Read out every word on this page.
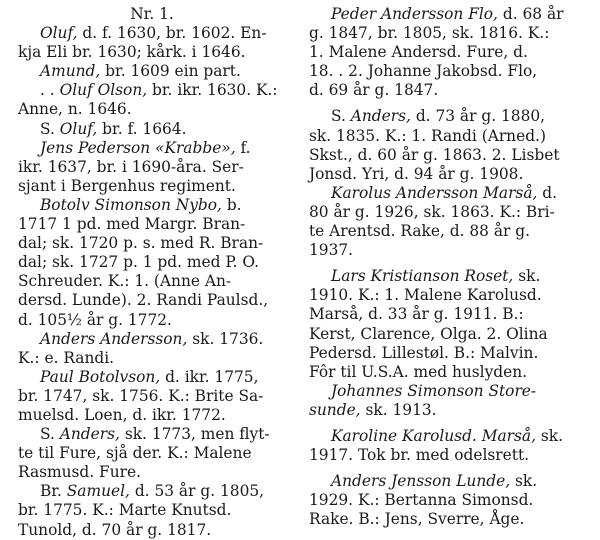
Nr. 1.

Oluf, d. f. 1630, br. 1602. En-
kja Eli br. 1630; kårk. i 1646.

Amund, br. 1609 ein part.

. . Oluf Olson, br. ikr. 1630. K.:
Anne, n. 1646.

S. Oluf, br. f. 1664.

Jens Pederson «Krabbe», f.
ikr. 1637, br. i 1690-åra. Ser-
sjant i Bergenhus regiment.

Botolv Simonson Nybo, b.
1717 1 pd. med Margr. Bran-
dal; sk. 1720 p. s. med R. Bran-
dal; sk. 1727 p. 1 pd. med P. O.
Schreuder. K.: 1. (Anne An-
dersd. Lunde). 2. Randi Paulsd.,
d. 105½ år g. 1772.

Anders Andersson, sk. 1736.
K.: e. Randi.

Paul Botolvson, d. ikr. 1775,
br. 1747, sk. 1756. K.: Brite Sa-
muelsd. Loen, d. ikr. 1772.

S. Anders, sk. 1773, men flyt-
te til Fure, sjå der. K.: Malene
Rasmusd. Fure.

Br. Samuel, d. 53 år g. 1805,
br. 1775. K.: Marte Knutsd.
Tunold, d. 70 år g. 1817.

Peder Andersson Flo, d. 68 år
g. 1847, br. 1805, sk. 1816. K.:
1. Malene Andersd. Fure, d.
18. . 2. Johanne Jakobsd. Flo,
d. 69 år g. 1847.

S. Anders, d. 73 år g. 1880,
sk. 1835. K.: 1. Randi (Arned.)
Skst., d. 60 år g. 1863. 2. Lisbet
Jonsd. Yri, d. 94 år g. 1908.

Karolus Andersson Marså, d.
80 år g. 1926, sk. 1863. K.: Bri-
te Arentsd. Rake, d. 88 år g.
1937.

Lars Kristianson Roset, sk.
1910. K.: 1. Malene Karolusd.
Marså, d. 33 år g. 1911. B.:
Kerst, Clarence, Olga. 2. Olina
Pedersd. Lillestøl. B.: Malvin.
Fôr til U.S.A. med huslyden.

Johannes Simonson Store-
sunde, sk. 1913.

Karoline Karolusd. Marså, sk.
1917. Tok br. med odelsrett.

Anders Jensson Lunde, sk.
1929. K.: Bertanna Simonsd.
Rake. B.: Jens, Sverre, Åge.
